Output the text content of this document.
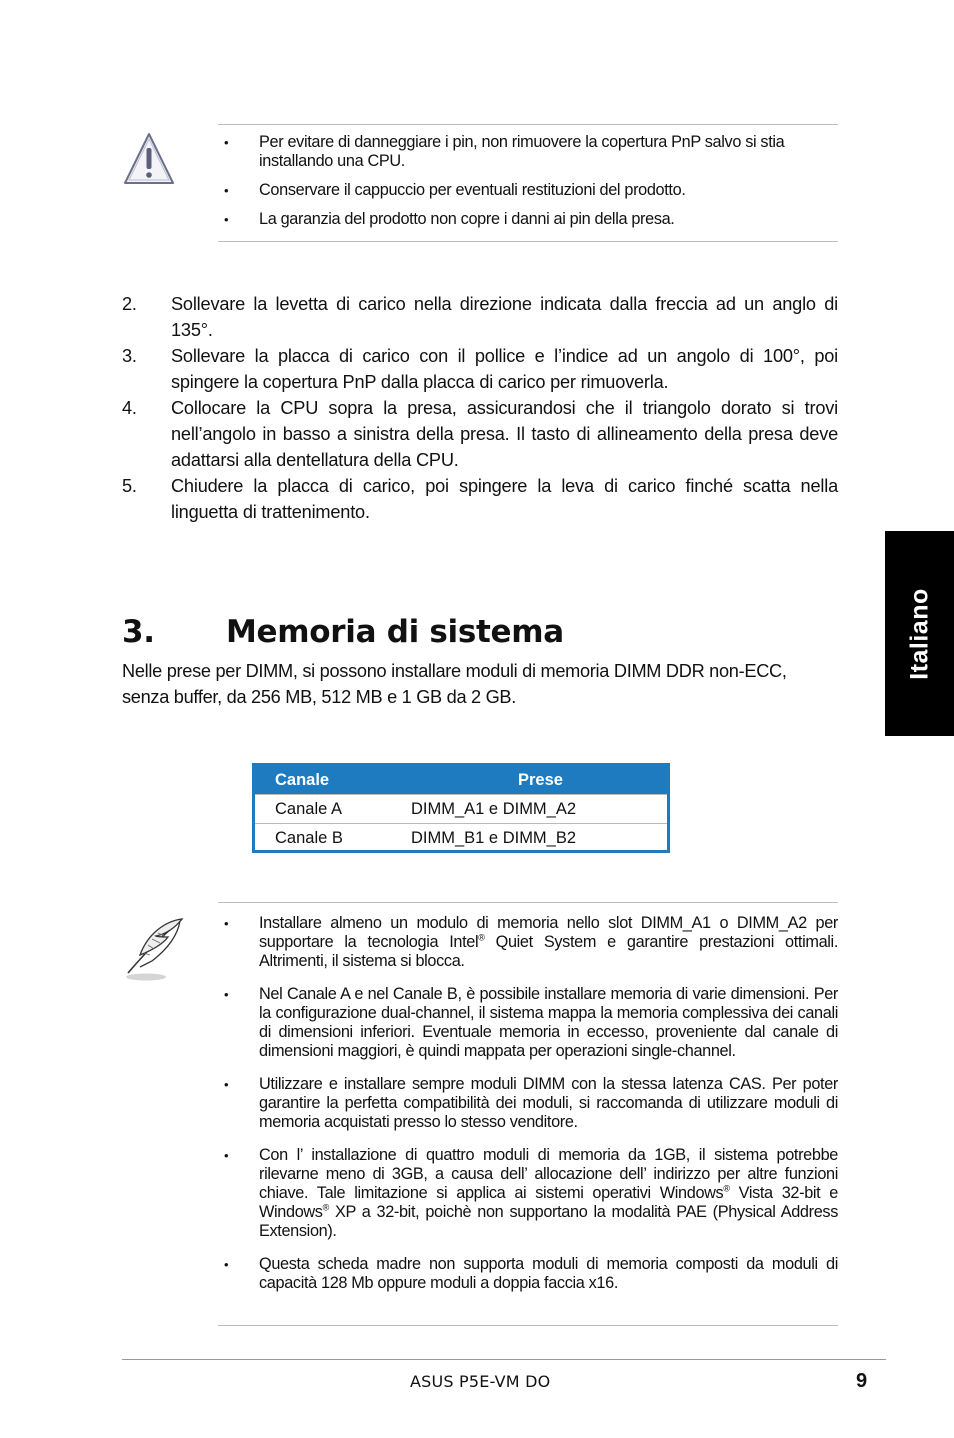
• Per evitare di danneggiare i pin, non rimuovere la copertura PnP salvo si stia installando una CPU.
• Conservare il cappuccio per eventuali restituzioni del prodotto.
• La garanzia del prodotto non copre i danni ai pin della presa.
2. Sollevare la levetta di carico nella direzione indicata dalla freccia ad un anglo di 135°.
3. Sollevare la placca di carico con il pollice e l’indice ad un angolo di 100°, poi spingere la copertura PnP dalla placca di carico per rimuoverla.
4. Collocare la CPU sopra la presa, assicurandosi che il triangolo dorato si trovi nell’angolo in basso a sinistra della presa. Il tasto di allineamento della presa deve adattarsi alla dentellatura della CPU.
5. Chiudere la placca di carico, poi spingere la leva di carico finché scatta nella linguetta di trattenimento.
Italiano
3. Memoria di sistema

Nelle prese per DIMM, si possono installare moduli di memoria DIMM DDR non-ECC, senza buffer, da 256 MB, 512 MB e 1 GB da 2 GB.

Canale	Prese
Canale A	DIMM_A1 e DIMM_A2
Canale B	DIMM_B1 e DIMM_B2
• Installare almeno un modulo di memoria nello slot DIMM_A1 o DIMM_A2 per supportare la tecnologia Intel® Quiet System e garantire prestazioni ottimali. Altrimenti, il sistema si blocca.
• Nel Canale A e nel Canale B, è possibile installare memoria di varie dimensioni. Per la configurazione dual-channel, il sistema mappa la memoria complessiva dei canali di dimensioni inferiori. Eventuale memoria in eccesso, proveniente dal canale di dimensioni maggiori, è quindi mappata per operazioni single-channel.
• Utilizzare e installare sempre moduli DIMM con la stessa latenza CAS. Per poter garantire la perfetta compatibilità dei moduli, si raccomanda di utilizzare moduli di memoria acquistati presso lo stesso venditore.
• Con l’ installazione di quattro moduli di memoria da 1GB, il sistema potrebbe rilevarne meno di 3GB, a causa dell’ allocazione dell’ indirizzo per altre funzioni chiave. Tale limitazione si applica ai sistemi operativi Windows® Vista 32-bit e Windows® XP a 32-bit, poichè non supportano la modalità PAE (Physical Address Extension).
• Questa scheda madre non supporta moduli di memoria composti da moduli di capacità 128 Mb oppure moduli a doppia faccia x16.
ASUS P5E-VM DO	9
